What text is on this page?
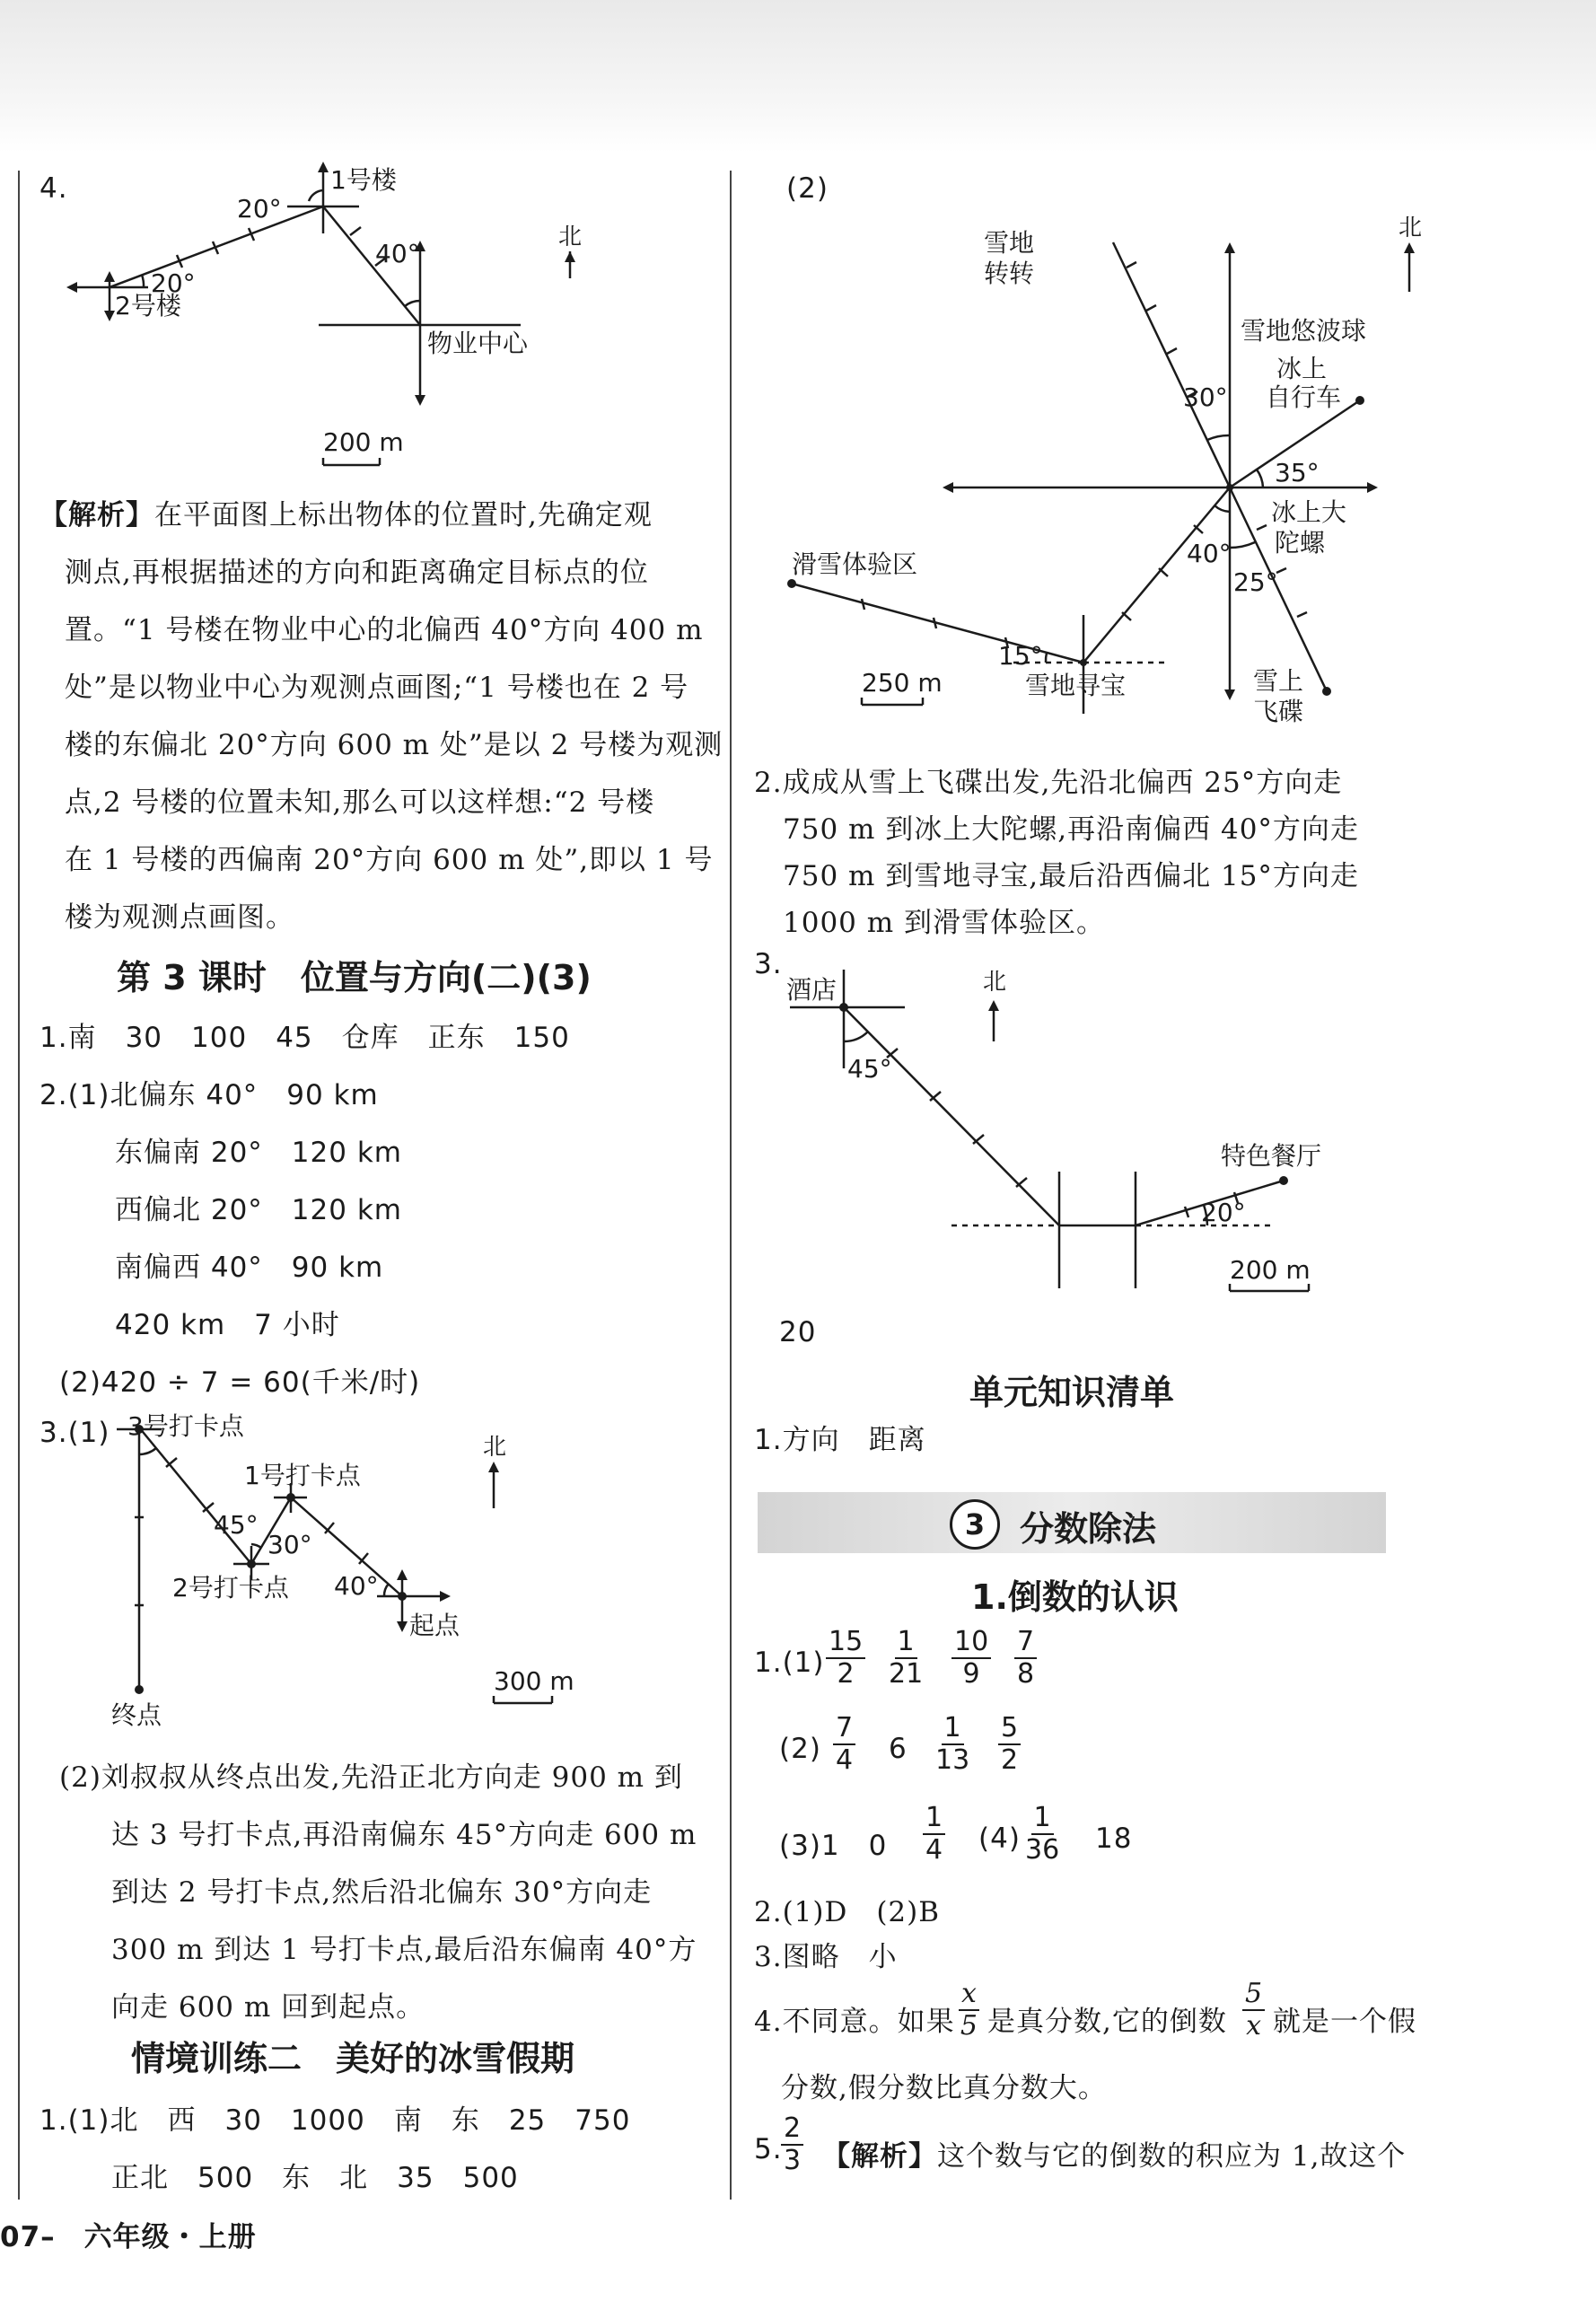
4.	1号楼
2号楼
物业中心
北
20°
20°
40°
200 m
【解析】在平面图上标出物体的位置时,先确定观
测点,再根据描述的方向和距离确定目标点的位
置。“1 号楼在物业中心的北偏西 40°方向 400 m
处”是以物业中心为观测点画图;“1 号楼也在 2 号
楼的东偏北 20°方向 600 m 处”是以 2 号楼为观测
点,2 号楼的位置未知,那么可以这样想:“2 号楼
在 1 号楼的西偏南 20°方向 600 m 处”,即以 1 号
楼为观测点画图。
第 3 课时　位置与方向(二)(3)
1.南　30　100　45　仓库　正东　150
2.(1)北偏东 40°　90 km
东偏南 20°　120 km
西偏北 20°　120 km
南偏西 40°　90 km
420 km　7 小时
(2)420 ÷ 7 = 60(千米/时)
3.(1) 3号打卡点
1号打卡点
2号打卡点
起点
终点
北
45°
30°
40°
300 m
(2)刘叔叔从终点出发,先沿正北方向走 900 m 到
达 3 号打卡点,再沿南偏东 45°方向走 600 m
到达 2 号打卡点,然后沿北偏东 30°方向走
300 m 到达 1 号打卡点,最后沿东偏南 40°方
向走 600 m 回到起点。
情境训练二　美好的冰雪假期
1.(1)北　西　30　1000　南　东　25　750
正北　500　东　北　35　500
07–　六年级・上册
(2)
北
雪地
转转
雪地悠波球
冰上
自行车
冰上大
陀螺
滑雪体验区
雪地寻宝	雪上
飞碟
30°
35°
40°
25°
15°
250 m
2.成成从雪上飞碟出发,先沿北偏西 25°方向走
750 m 到冰上大陀螺,再沿南偏西 40°方向走
750 m 到雪地寻宝,最后沿西偏北 15°方向走
1000 m 到滑雪体验区。
3.
酒店	北
45°
特色餐厅
20°
200 m
20
单元知识清单
1.方向　距离
3	分数除法
1.倒数的认识
$1.(1) \frac{15}{2} \frac{1}{21} \frac{10}{9} \frac{7}{8}$
$(2) \frac{7}{4} 6 \frac{1}{13} \frac{5}{2}$
(3)1　$0 \frac{1}{4} (4) \frac{1}{36} 18$
2.(1)D　(2)B
3.图略　小
4.不同意。如果 $\frac{x}{5}$ 是真分数,它的倒数 $\frac{5}{x}$ 就是一个假
分数,假分数比真分数大。
5.
$\frac{2}{3}$ 【解析】这个数与它的倒数的积应为 1,故这个
